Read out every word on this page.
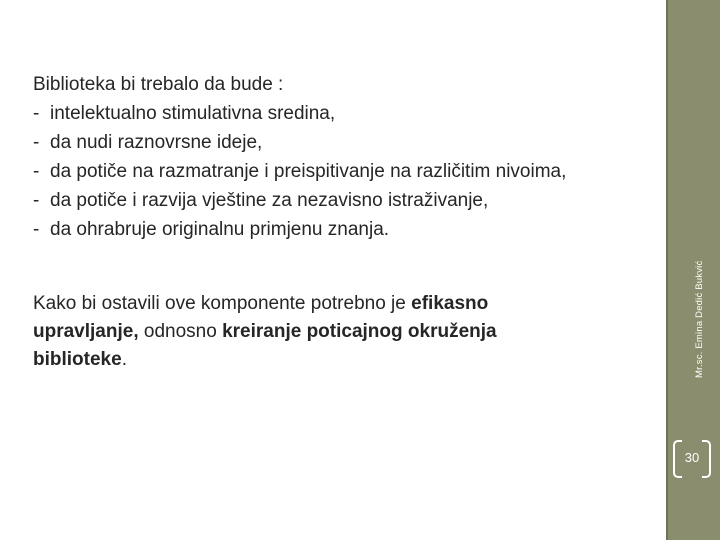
Biblioteka bi trebalo da bude :

- intelektualno stimulativna sredina,
- da nudi raznovrsne ideje,
- da potiče na razmatranje i preispitivanje na različitim nivoima,
- da potiče i razvija vještine za nezavisno istraživanje,
- da ohrabruje originalnu primjenu znanja.

Kako bi ostavili ove komponente potrebno je efikasno upravljanje, odnosno kreiranje poticajnog okruženja biblioteke.	Mr.sc. Emina Dedić Bukvić
30
